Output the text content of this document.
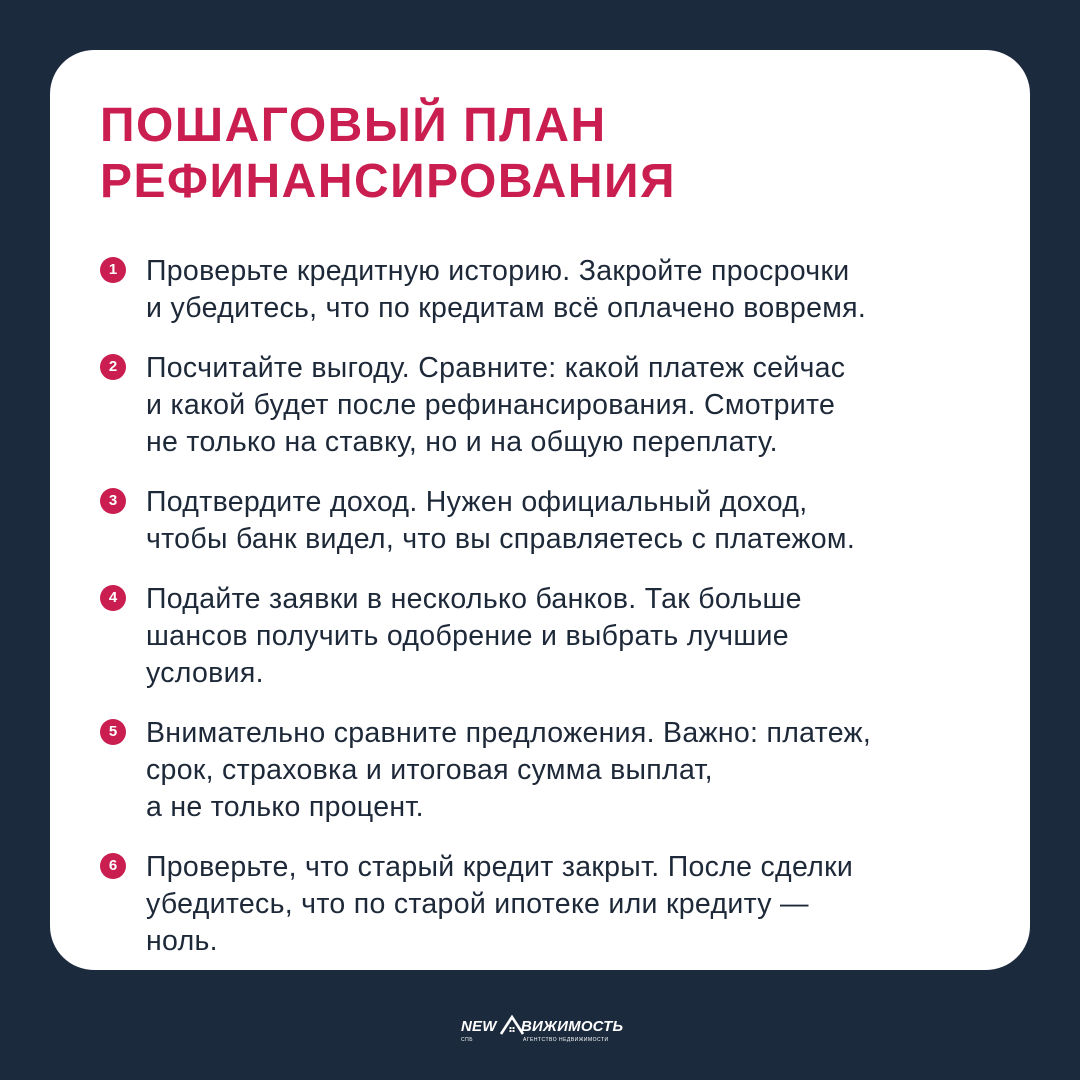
ПОШАГОВЫЙ ПЛАН
РЕФИНАНСИРОВАНИЯ
1	Проверьте кредитную историю. Закройте просрочки
и убедитесь, что по кредитам всё оплачено вовремя.
2	Посчитайте выгоду. Сравните: какой платеж сейчас
и какой будет после рефинансирования. Смотрите
не только на ставку, но и на общую переплату.
3	Подтвердите доход. Нужен официальный доход,
чтобы банк видел, что вы справляетесь с платежом.
4	Подайте заявки в несколько банков. Так больше
шансов получить одобрение и выбрать лучшие
условия.
5	Внимательно сравните предложения. Важно: платеж,
срок, страховка и итоговая сумма выплат,
а не только процент.
6	Проверьте, что старый кредит закрыт. После сделки
убедитесь, что по старой ипотеке или кредиту —
ноль.
NEW ВИЖИМОСТЬ
СПБ	АГЕНТСТВО НЕДВИЖИМОСТИ
